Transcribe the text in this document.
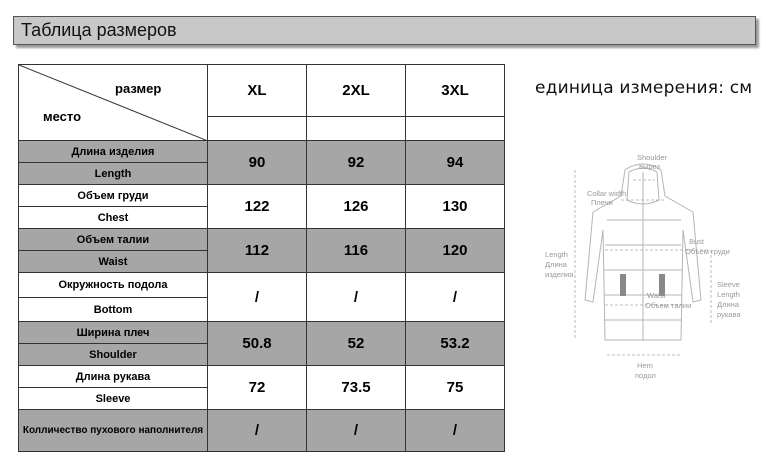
Таблица размеров
размер
место	XL	2XL	3XL

Длина изделия	90	92	94
Length			
Объем груди	122	126	130
Chest			
Объем талии	112	116	120
Waist			
Окружность подола	/	/	/
Bottom			
Ширина плеч	50.8	52	53.2
Shoulder			
Длина рукава	72	73.5	75
Sleeve			
Колличество пухового наполнителя	/	/	/
единица измерения: см
Shoulder
вырез
Collar width
Плечи
Length
Длина
изделия
Bust
Объем груди
Sleeve
Length
Длина
рукава
Waist
Объем талии
Hem
подол
